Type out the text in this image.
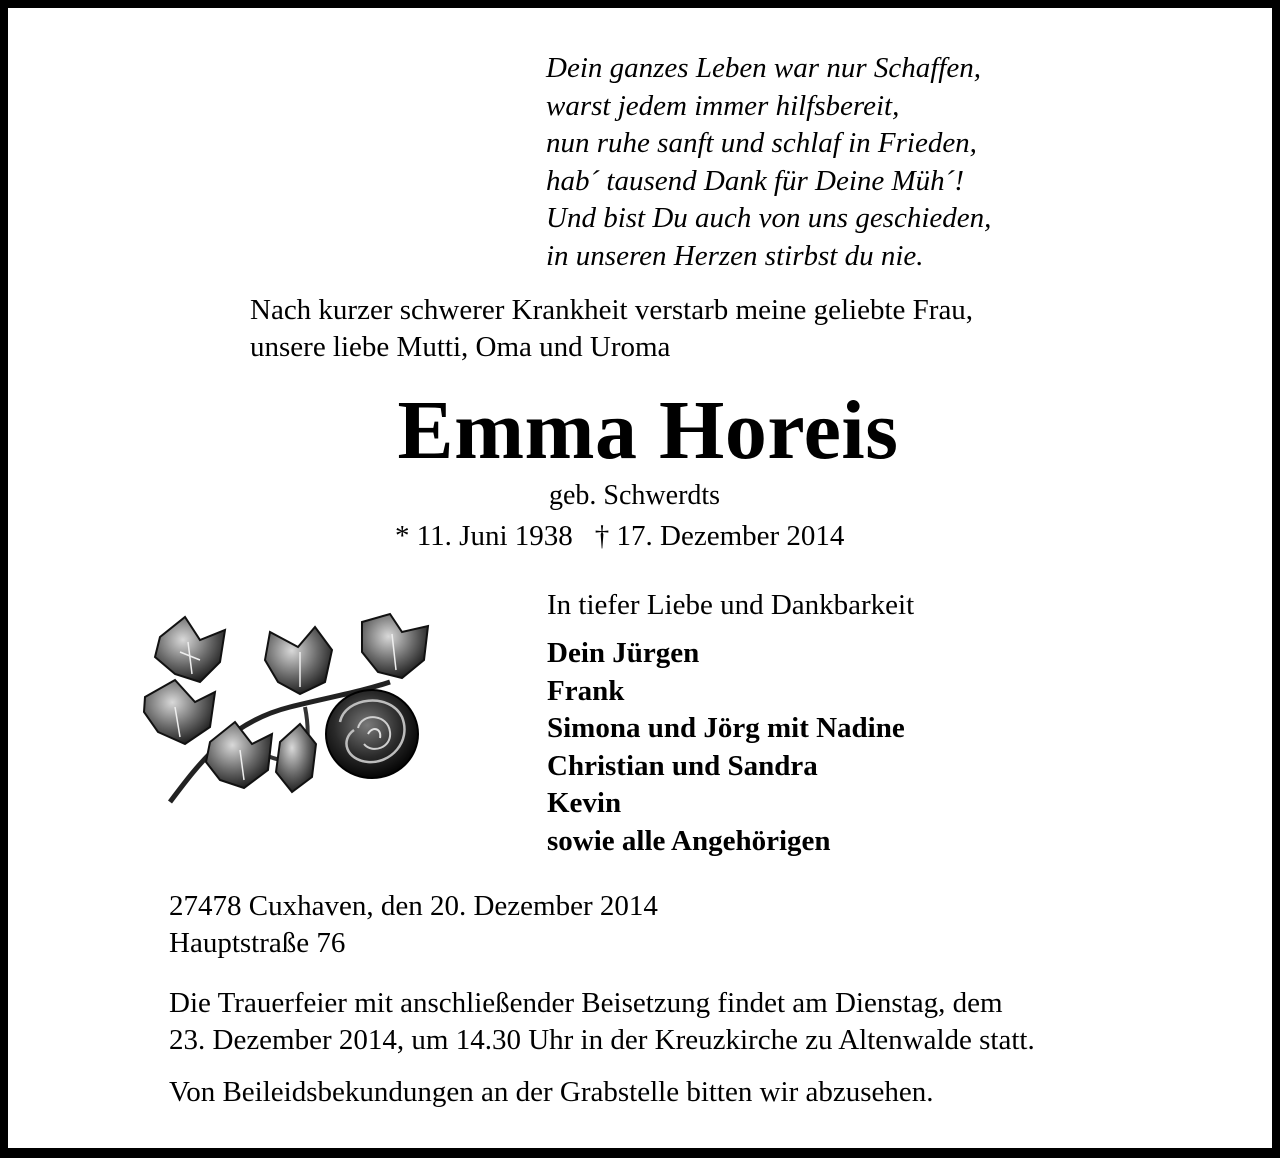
Dein ganzes Leben war nur Schaffen,
warst jedem immer hilfsbereit,
nun ruhe sanft und schlaf in Frieden,
hab´ tausend Dank für Deine Müh´!
Und bist Du auch von uns geschieden,
in unseren Herzen stirbst du nie.
Nach kurzer schwerer Krankheit verstarb meine geliebte Frau,
unsere liebe Mutti, Oma und Uroma
Emma Horeis
geb. Schwerdts
* 11. Juni 1938 † 17. Dezember 2014
In tiefer Liebe und Dankbarkeit
Dein Jürgen
Frank
Simona und Jörg mit Nadine
Christian und Sandra
Kevin
sowie alle Angehörigen
27478 Cuxhaven, den 20. Dezember 2014
Hauptstraße 76
Die Trauerfeier mit anschließender Beisetzung findet am Dienstag, dem
23. Dezember 2014, um 14.30 Uhr in der Kreuzkirche zu Altenwalde statt.
Von Beileidsbekundungen an der Grabstelle bitten wir abzusehen.
